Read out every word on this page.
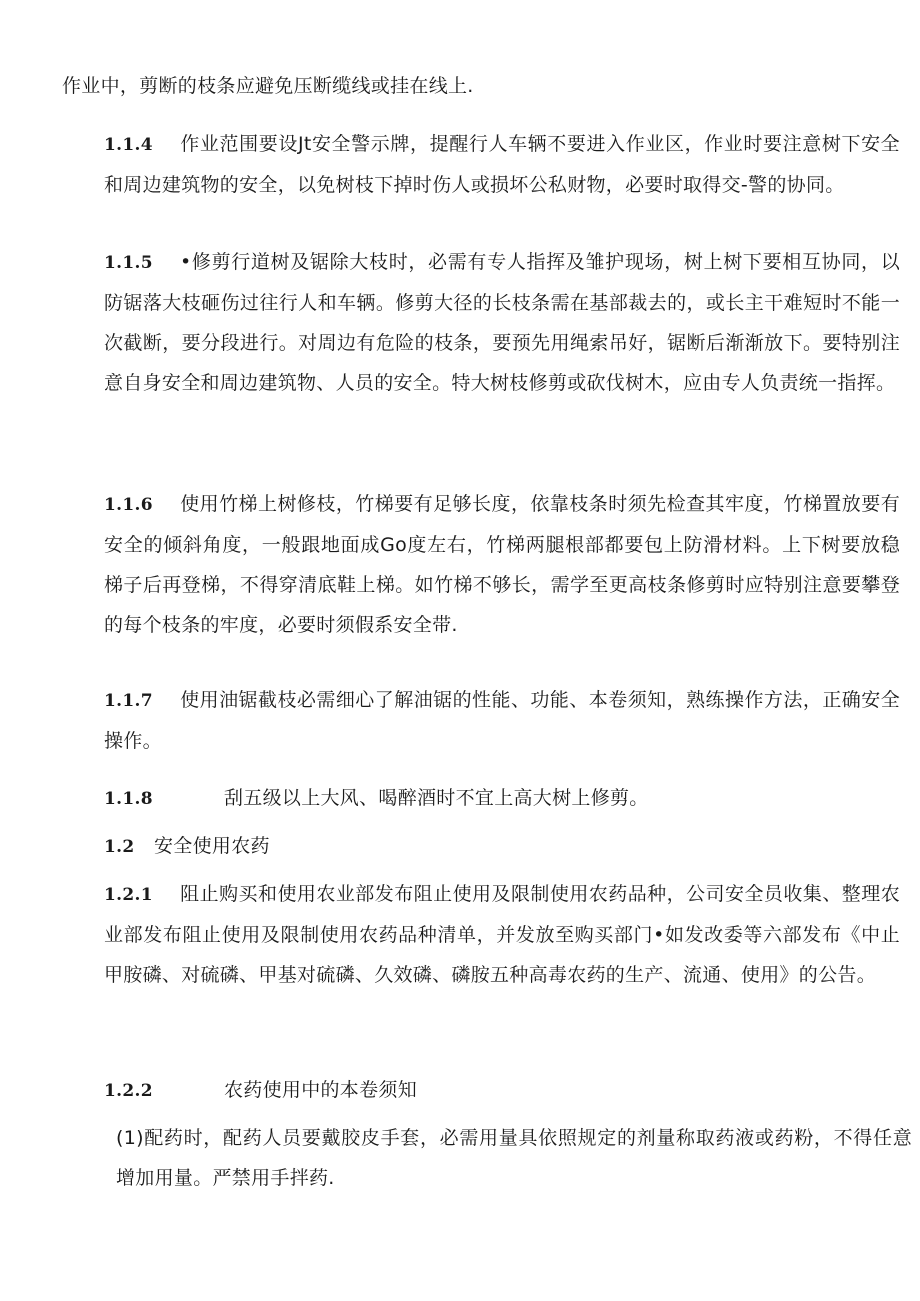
作业中，剪断的枝条应避免压断缆线或挂在线上.
1.1.4 作业范围要设Jt安全警示牌，提醒行人车辆不要进入作业区，作业时要注意树下安全和周边建筑物的安全，以免树枝下掉时伤人或损坏公私财物，必要时取得交-警的协同。
1.1.5 •修剪行道树及锯除大枝时，必需有专人指挥及雏护现场，树上树下要相互协同，以防锯落大枝砸伤过往行人和车辆。修剪大径的长枝条需在基部裁去的，或长主干难短时不能一次截断，要分段进行。对周边有危险的枝条，要预先用绳索吊好，锯断后渐渐放下。要特别注意自身安全和周边建筑物、人员的安全。特大树枝修剪或砍伐树木，应由专人负责统一指挥。
1.1.6 使用竹梯上树修枝，竹梯要有足够长度，依靠枝条时须先检查其牢度，竹梯置放要有安全的倾斜角度，一般跟地面成Go度左右，竹梯两腿根部都要包上防滑材料。上下树要放稳梯子后再登梯，不得穿清底鞋上梯。如竹梯不够长，需学至更高枝条修剪时应特别注意要攀登的每个枝条的牢度，必要时须假系安全带.
1.1.7 使用油锯截枝必需细心了解油锯的性能、功能、本卷须知，熟练操作方法，正确安全操作。
1.1.8	刮五级以上大风、喝醉酒时不宜上高大树上修剪。
1.2 安全使用农药
1.2.1 阻止购买和使用农业部发布阻止使用及限制使用农药品种，公司安全员收集、整理农业部发布阻止使用及限制使用农药品种清单，并发放至购买部门•如发改委等六部发布《中止甲胺磷、对硫磷、甲基对硫磷、久效磷、磷胺五种高毒农药的生产、流通、使用》的公告。
1.2.2	农药使用中的本卷须知
(1)配药时，配药人员要戴胶皮手套，必需用量具依照规定的剂量称取药液或药粉，不得任意增加用量。严禁用手拌药.
